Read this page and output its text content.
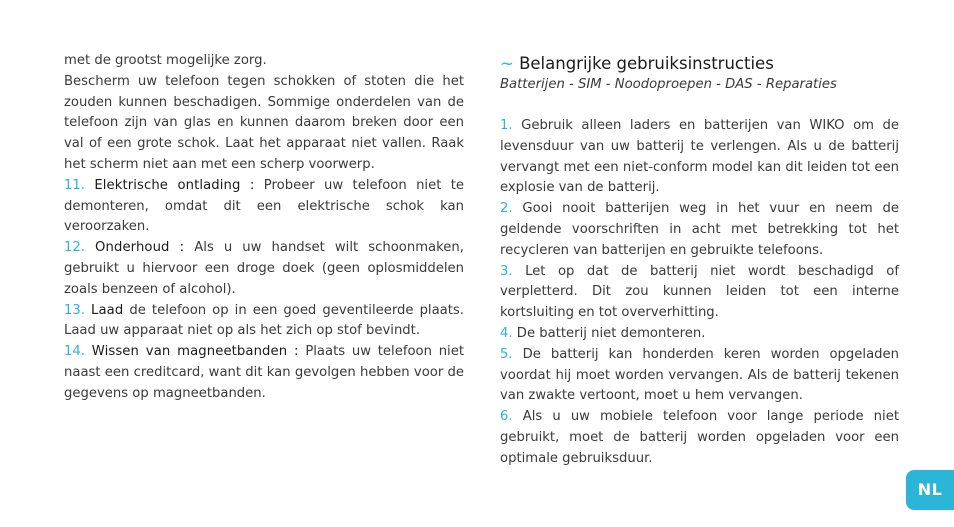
met de grootst mogelijke zorg.

Bescherm uw telefoon tegen schokken of stoten die het zouden kunnen beschadigen. Sommige onderdelen van de telefoon zijn van glas en kunnen daarom breken door een val of een grote schok. Laat het apparaat niet vallen. Raak het scherm niet aan met een scherp voorwerp.

11. Elektrische ontlading : Probeer uw telefoon niet te demonteren, omdat dit een elektrische schok kan veroorzaken.

12. Onderhoud : Als u uw handset wilt schoonmaken, gebruikt u hiervoor een droge doek (geen oplosmiddelen zoals benzeen of alcohol).

13. Laad de telefoon op in een goed geventileerde plaats. Laad uw apparaat niet op als het zich op stof bevindt.

14. Wissen van magneetbanden : Plaats uw telefoon niet naast een creditcard, want dit kan gevolgen hebben voor de gegevens op magneetbanden.

~ Belangrijke gebruiksinstructies
Batterijen - SIM - Noodoproepen - DAS - Reparaties

1. Gebruik alleen laders en batterijen van WIKO om de levensduur van uw batterij te verlengen. Als u de batterij vervangt met een niet-conform model kan dit leiden tot een explosie van de batterij.

2. Gooi nooit batterijen weg in het vuur en neem de geldende voorschriften in acht met betrekking tot het recycleren van batterijen en gebruikte telefoons.

3. Let op dat de batterij niet wordt beschadigd of verpletterd. Dit zou kunnen leiden tot een interne kortsluiting en tot oververhitting.

4. De batterij niet demonteren.

5. De batterij kan honderden keren worden opgeladen voordat hij moet worden vervangen. Als de batterij tekenen van zwakte vertoont, moet u hem vervangen.

6. Als u uw mobiele telefoon voor lange periode niet gebruikt, moet de batterij worden opgeladen voor een optimale gebruiksduur.

NL
